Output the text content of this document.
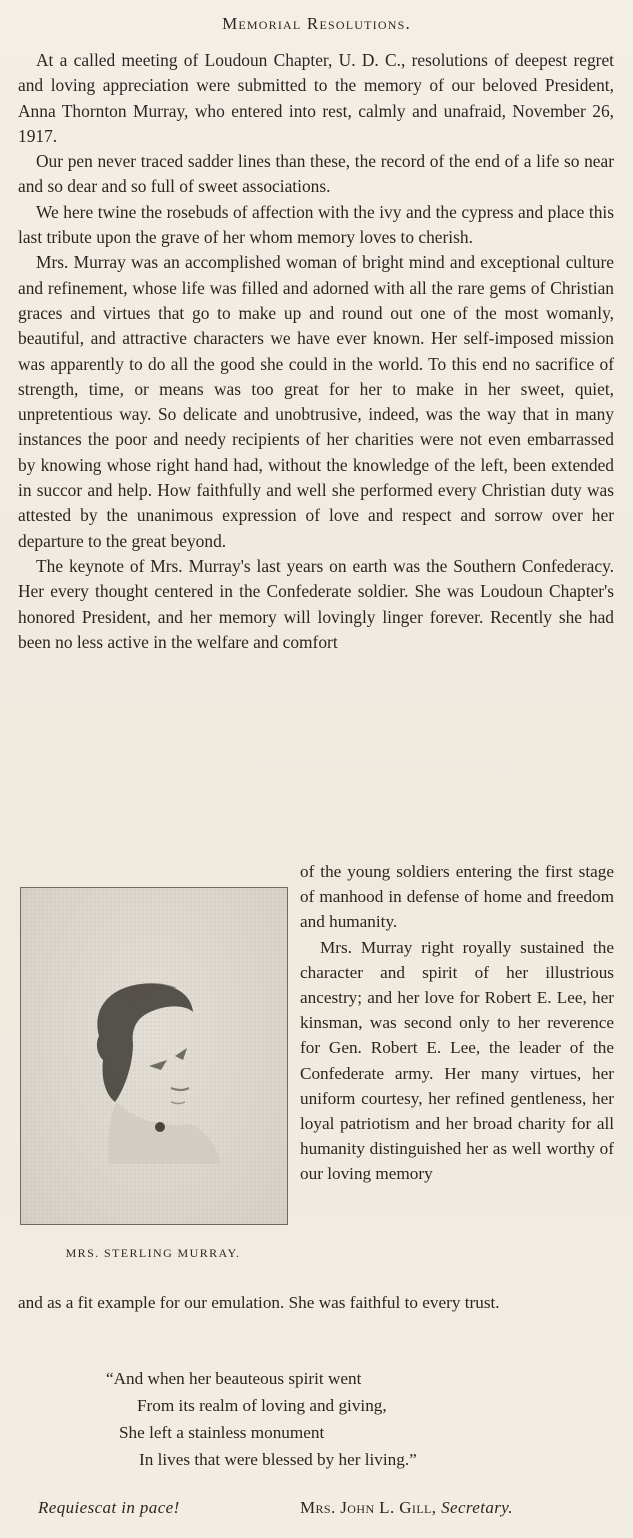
Memorial Resolutions.

At a called meeting of Loudoun Chapter, U. D. C., resolutions of deepest regret and loving appreciation were submitted to the memory of our beloved President, Anna Thornton Murray, who entered into rest, calmly and unafraid, November 26, 1917.

Our pen never traced sadder lines than these, the record of the end of a life so near and so dear and so full of sweet associations.

We here twine the rosebuds of affection with the ivy and the cypress and place this last tribute upon the grave of her whom memory loves to cherish.

Mrs. Murray was an accomplished woman of bright mind and exceptional culture and refinement, whose life was filled and adorned with all the rare gems of Christian graces and virtues that go to make up and round out one of the most womanly, beautiful, and attractive characters we have ever known. Her self-imposed mission was apparently to do all the good she could in the world. To this end no sacrifice of strength, time, or means was too great for her to make in her sweet, quiet, unpretentious way. So delicate and unobtrusive, indeed, was the way that in many instances the poor and needy recipients of her charities were not even embarrassed by knowing whose right hand had, without the knowledge of the left, been extended in succor and help. How faithfully and well she performed every Christian duty was attested by the unanimous expression of love and respect and sorrow over her departure to the great beyond.

The keynote of Mrs. Murray's last years on earth was the Southern Confederacy. Her every thought centered in the Confederate soldier. She was Loudoun Chapter's honored President, and her memory will lovingly linger forever. Recently she had been no less active in the welfare and comfort

MRS. STERLING MURRAY.

of the young soldiers entering the first stage of manhood in defense of home and freedom and humanity.

Mrs. Murray right royally sustained the character and spirit of her illustrious ancestry; and her love for Robert E. Lee, her kinsman, was second only to her reverence for Gen. Robert E. Lee, the leader of the Confederate army. Her many virtues, her uniform courtesy, her refined gentleness, her loyal patriotism and her broad charity for all humanity distinguished her as well worthy of our loving memory

and as a fit example for our emulation. She was faithful to every trust.

“And when her beauteous spirit went
From its realm of loving and giving,
She left a stainless monument
In lives that were blessed by her living.”
Requiescat in pace!	Mrs. John L. Gill, Secretary.
